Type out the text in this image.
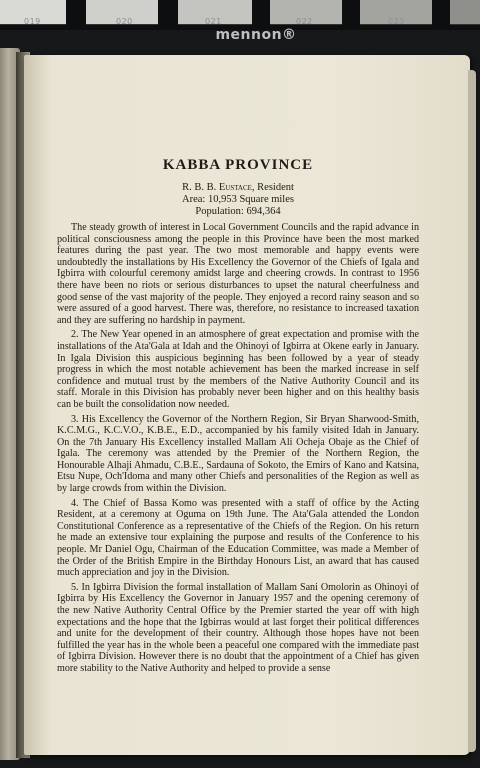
019	020	021	022	023
mennon®
KABBA PROVINCE
R. B. B. Eustace, Resident
Area: 10,953 Square miles
Population: 694,364

The steady growth of interest in Local Government Councils and the rapid advance in political consciousness among the people in this Province have been the most marked features during the past year. The two most memorable and happy events were undoubtedly the installations by His Excellency the Governor of the Chiefs of Igala and Igbirra with colourful ceremony amidst large and cheering crowds. In contrast to 1956 there have been no riots or serious disturbances to upset the natural cheerfulness and good sense of the vast majority of the people. They enjoyed a record rainy season and so were assured of a good harvest. There was, therefore, no resistance to increased taxation and they are suffering no hardship in payment.

2. The New Year opened in an atmosphere of great expectation and promise with the installations of the Ata'Gala at Idah and the Ohinoyi of Igbirra at Okene early in January. In Igala Division this auspicious beginning has been followed by a year of steady progress in which the most notable achievement has been the marked increase in self confidence and mutual trust by the members of the Native Authority Council and its staff. Morale in this Division has probably never been higher and on this healthy basis can be built the consolidation now needed.

3. His Excellency the Governor of the Northern Region, Sir Bryan Sharwood-Smith, K.C.M.G., K.C.V.O., K.B.E., E.D., accompanied by his family visited Idah in January. On the 7th January His Excellency installed Mallam Ali Ocheja Obaje as the Chief of Igala. The ceremony was attended by the Premier of the Northern Region, the Honourable Alhaji Ahmadu, C.B.E., Sardauna of Sokoto, the Emirs of Kano and Katsina, Etsu Nupe, Och'Idoma and many other Chiefs and personalities of the Region as well as by large crowds from within the Division.

4. The Chief of Bassa Komo was presented with a staff of office by the Acting Resident, at a ceremony at Oguma on 19th June. The Ata'Gala attended the London Constitutional Conference as a representative of the Chiefs of the Region. On his return he made an extensive tour explaining the purpose and results of the Conference to his people. Mr Daniel Ogu, Chairman of the Education Committee, was made a Member of the Order of the British Empire in the Birthday Honours List, an award that has caused much appreciation and joy in the Division.

5. In Igbirra Division the formal installation of Mallam Sani Omolorin as Ohinoyi of Igbirra by His Excellency the Governor in January 1957 and the opening ceremony of the new Native Authority Central Office by the Premier started the year off with high expectations and the hope that the Igbirras would at last forget their political differences and unite for the development of their country. Although those hopes have not been fulfilled the year has in the whole been a peaceful one compared with the immediate past of Igbirra Division. However there is no doubt that the appointment of a Chief has given more stability to the Native Authority and helped to provide a sense
